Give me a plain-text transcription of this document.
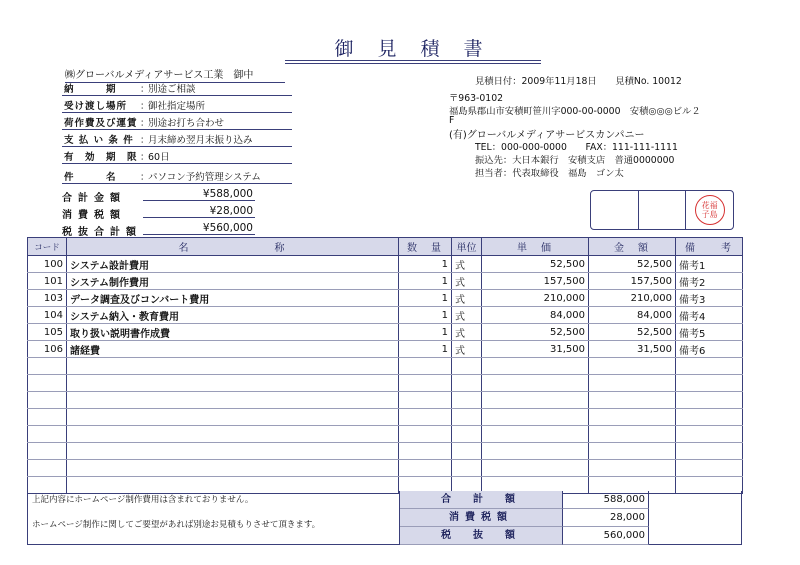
御 見 積 書
㈱グローバルメディアサービス工業　御中
納　　　期	：
別途ご相談
受け渡し場所	：
御社指定場所
荷作費及び運賃 ：
別途お打ち合わせ
支 払 い 条 件 ：
月末締め翌月末振り込み
有　効　期　限 ：
60日
件　　　名	：
パソコン予約管理システム
合計金額	¥588,000
消費税額	¥28,000
税抜合計額	¥560,000
見積日付：2009年11月18日　　見積No. 10012
〒963-0102
福島県郡山市安積町笹川字000-00-0000　安積◎◎◎ビル２
F
(有)グローバルメディアサービスカンパニー
TEL：000-000-0000　　FAX：111-111-1111
振込先：大日本銀行　安積支店　普通0000000
担当者：代表取締役　福島　ゴン太
花福
子島
コード	名　　　　　　　称	数　量	単位	単　価	金　額	備　　考
100	システム設計費用	1	式	52,500	52,500	備考1
101	システム制作費用	1	式	157,500	157,500	備考2
103	データ調査及びコンバート費用	1	式	210,000	210,000	備考3
104	システム納入・教育費用	1	式	84,000	84,000	備考4
105	取り扱い説明書作成費	1	式	52,500	52,500	備考5
106	諸経費	1	式	31,500	31,500	備考6

上記内容にホームページ制作費用は含まれておりません。
ホームページ制作に関してご要望があれば別途お見積もりさせて頂きます。
合　計　額	588,000
消費税額	28,000
税　抜　額	560,000
